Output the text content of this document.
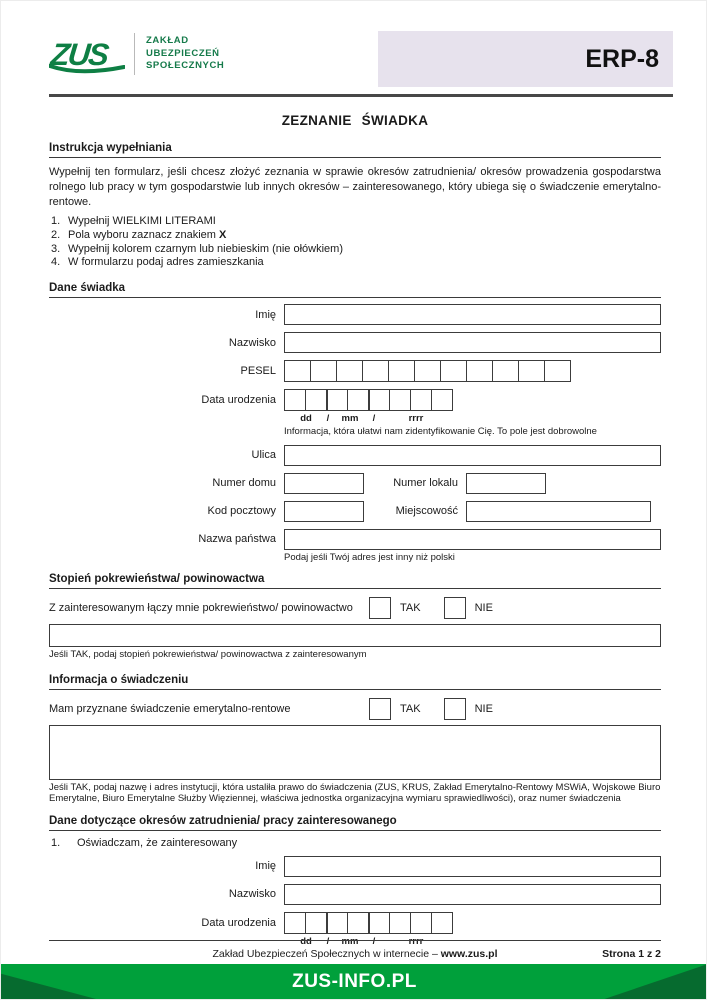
ZUS	ZAKŁAD
UBEZPIECZEŃ
SPOŁECZNYCH	ERP-8
ZEZNANIE ŚWIADKA
Instrukcja wypełniania
Wypełnij ten formularz, jeśli chcesz złożyć zeznania w sprawie okresów zatrudnienia/ okresów prowadzenia gospodarstwa rolnego lub pracy w tym gospodarstwie lub innych okresów – zainteresowanego, który ubiega się o świadczenie emerytalno-rentowe.
1. Wypełnij WIELKIMI LITERAMI
2. Pola wyboru zaznacz znakiem X
3. Wypełnij kolorem czarnym lub niebieskim (nie ołówkiem)
4. W formularzu podaj adres zamieszkania
Dane świadka
Imię
Nazwisko
PESEL
Data urodzenia
dd	/	mm	/	rrrr
Informacja, która ułatwi nam zidentyfikowanie Cię. To pole jest dobrowolne
Ulica
Numer domu	Numer lokalu
Kod pocztowy	Miejscowość
Nazwa państwa
Podaj jeśli Twój adres jest inny niż polski
Stopień pokrewieństwa/ powinowactwa
Z zainteresowanym łączy mnie pokrewieństwo/ powinowactwo	TAK	NIE
Jeśli TAK, podaj stopień pokrewieństwa/ powinowactwa z zainteresowanym
Informacja o świadczeniu
Mam przyznane świadczenie emerytalno-rentowe	TAK	NIE
Jeśli TAK, podaj nazwę i adres instytucji, która ustaliła prawo do świadczenia (ZUS, KRUS, Zakład Emerytalno-Rentowy MSWiA, Wojskowe Biuro Emerytalne, Biuro Emerytalne Służby Więziennej, właściwa jednostka organizacyjna wymiaru sprawiedliwości), oraz numer świadczenia
Dane dotyczące okresów zatrudnienia/ pracy zainteresowanego
1.	Oświadczam, że zainteresowany
Imię
Nazwisko
Data urodzenia
dd	/	mm	/	rrrr
Zakład Ubezpieczeń Społecznych w internecie – www.zus.pl	Strona 1 z 2
ZUS-INFO.PL
